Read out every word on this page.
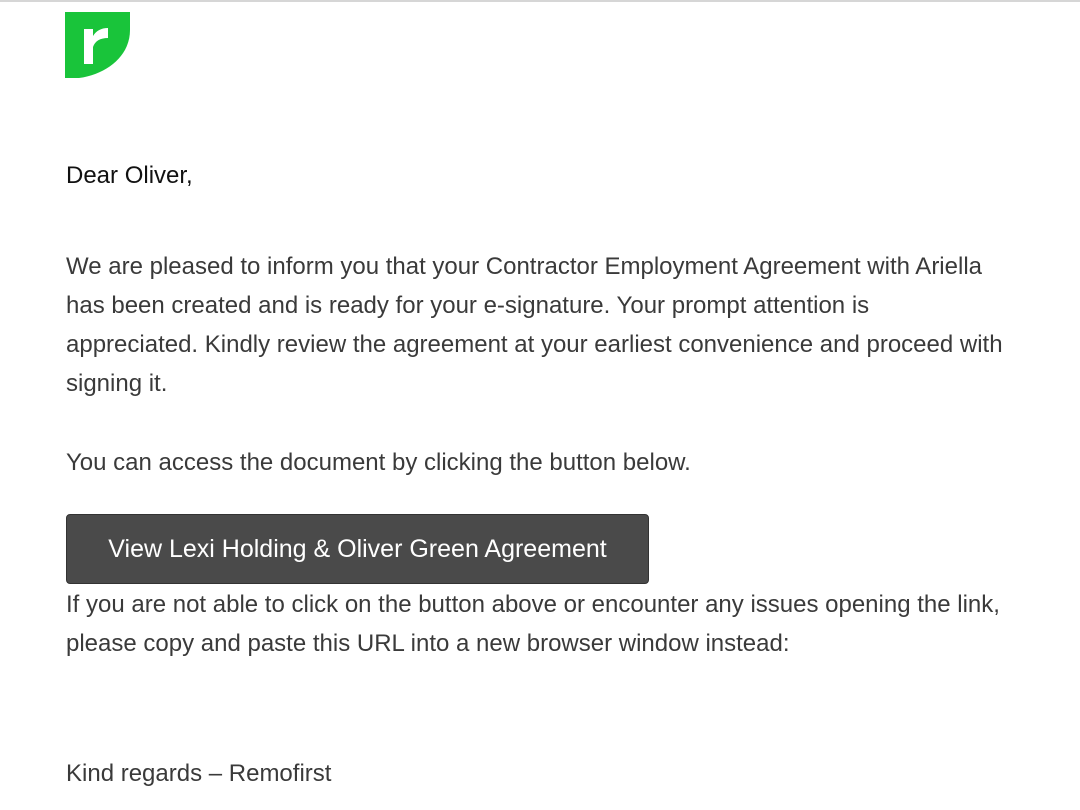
Dear Oliver,
We are pleased to inform you that your Contractor Employment Agreement with Ariella has been created and is ready for your e-signature. Your prompt attention is appreciated. Kindly review the agreement at your earliest convenience and proceed with signing it.
You can access the document by clicking the button below.
View Lexi Holding & Oliver Green Agreement
If you are not able to click on the button above or encounter any issues opening the link, please copy and paste this URL into a new browser window instead:
Kind regards – Remofirst
